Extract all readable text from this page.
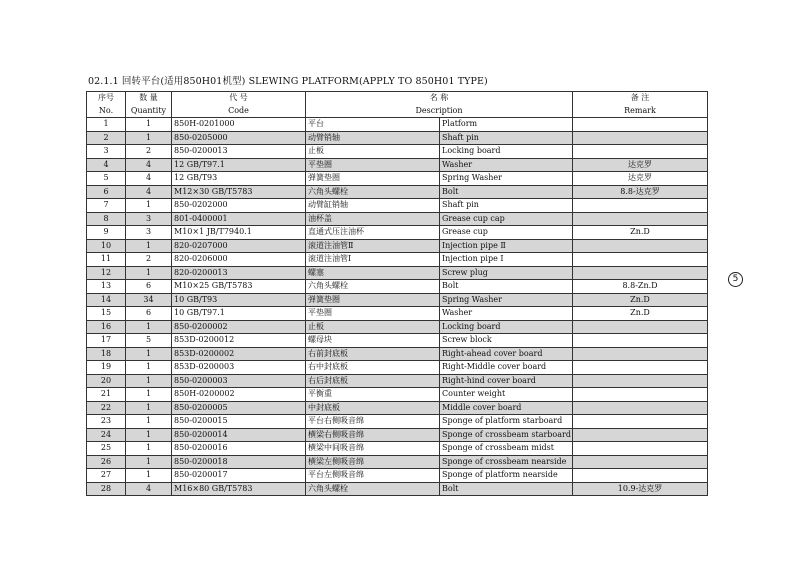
02.1.1 回转平台(适用850H01机型) SLEWING PLATFORM(APPLY TO 850H01 TYPE)
序号	数 量	代 号	名 称		备 注
No.	Quantity	Code	Description		Remark
1	1	850H-0201000	平台	Platform	
2	1	850-0205000	动臂销轴	Shaft pin	
3	2	850-0200013	止板	Locking board	
4	4	12 GB/T97.1	平垫圈	Washer	达克罗
5	4	12 GB/T93	弹簧垫圈	Spring Washer	达克罗
6	4	M12×30 GB/T5783	六角头螺栓	Bolt	8.8-达克罗
7	1	850-0202000	动臂缸销轴	Shaft pin	
8	3	801-0400001	油杯盖	Grease cup cap	
9	3	M10×1 JB/T7940.1	直通式压注油杯	Grease cup	Zn.D
10	1	820-0207000	滚道注油管Ⅱ	Injection pipe Ⅱ	
11	2	820-0206000	滚道注油管Ⅰ	Injection pipe Ⅰ	
12	1	820-0200013	螺塞	Screw plug	
13	6	M10×25 GB/T5783	六角头螺栓	Bolt	8.8-Zn.D
14	34	10 GB/T93	弹簧垫圈	Spring Washer	Zn.D
15	6	10 GB/T97.1	平垫圈	Washer	Zn.D
16	1	850-0200002	止板	Locking board	
17	5	853D-0200012	螺母块	Screw block	
18	1	853D-0200002	右前封底板	Right-ahead cover board	
19	1	853D-0200003	右中封底板	Right-Middle cover board	
20	1	850-0200003	右后封底板	Right-hind cover board	
21	1	850H-0200002	平衡重	Counter weight	
22	1	850-0200005	中封底板	Middle cover board	
23	1	850-0200015	平台右侧吸音绵	Sponge of platform starboard	
24	1	850-0200014	横梁右侧吸音绵	Sponge of crossbeam starboard	
25	1	850-0200016	横梁中间吸音绵	Sponge of crossbeam midst	
26	1	850-0200018	横梁左侧吸音绵	Sponge of crossbeam nearside	
27	1	850-0200017	平台左侧吸音绵	Sponge of platform nearside	
28	4	M16×80 GB/T5783	六角头螺栓	Bolt	10.9-达克罗
5
